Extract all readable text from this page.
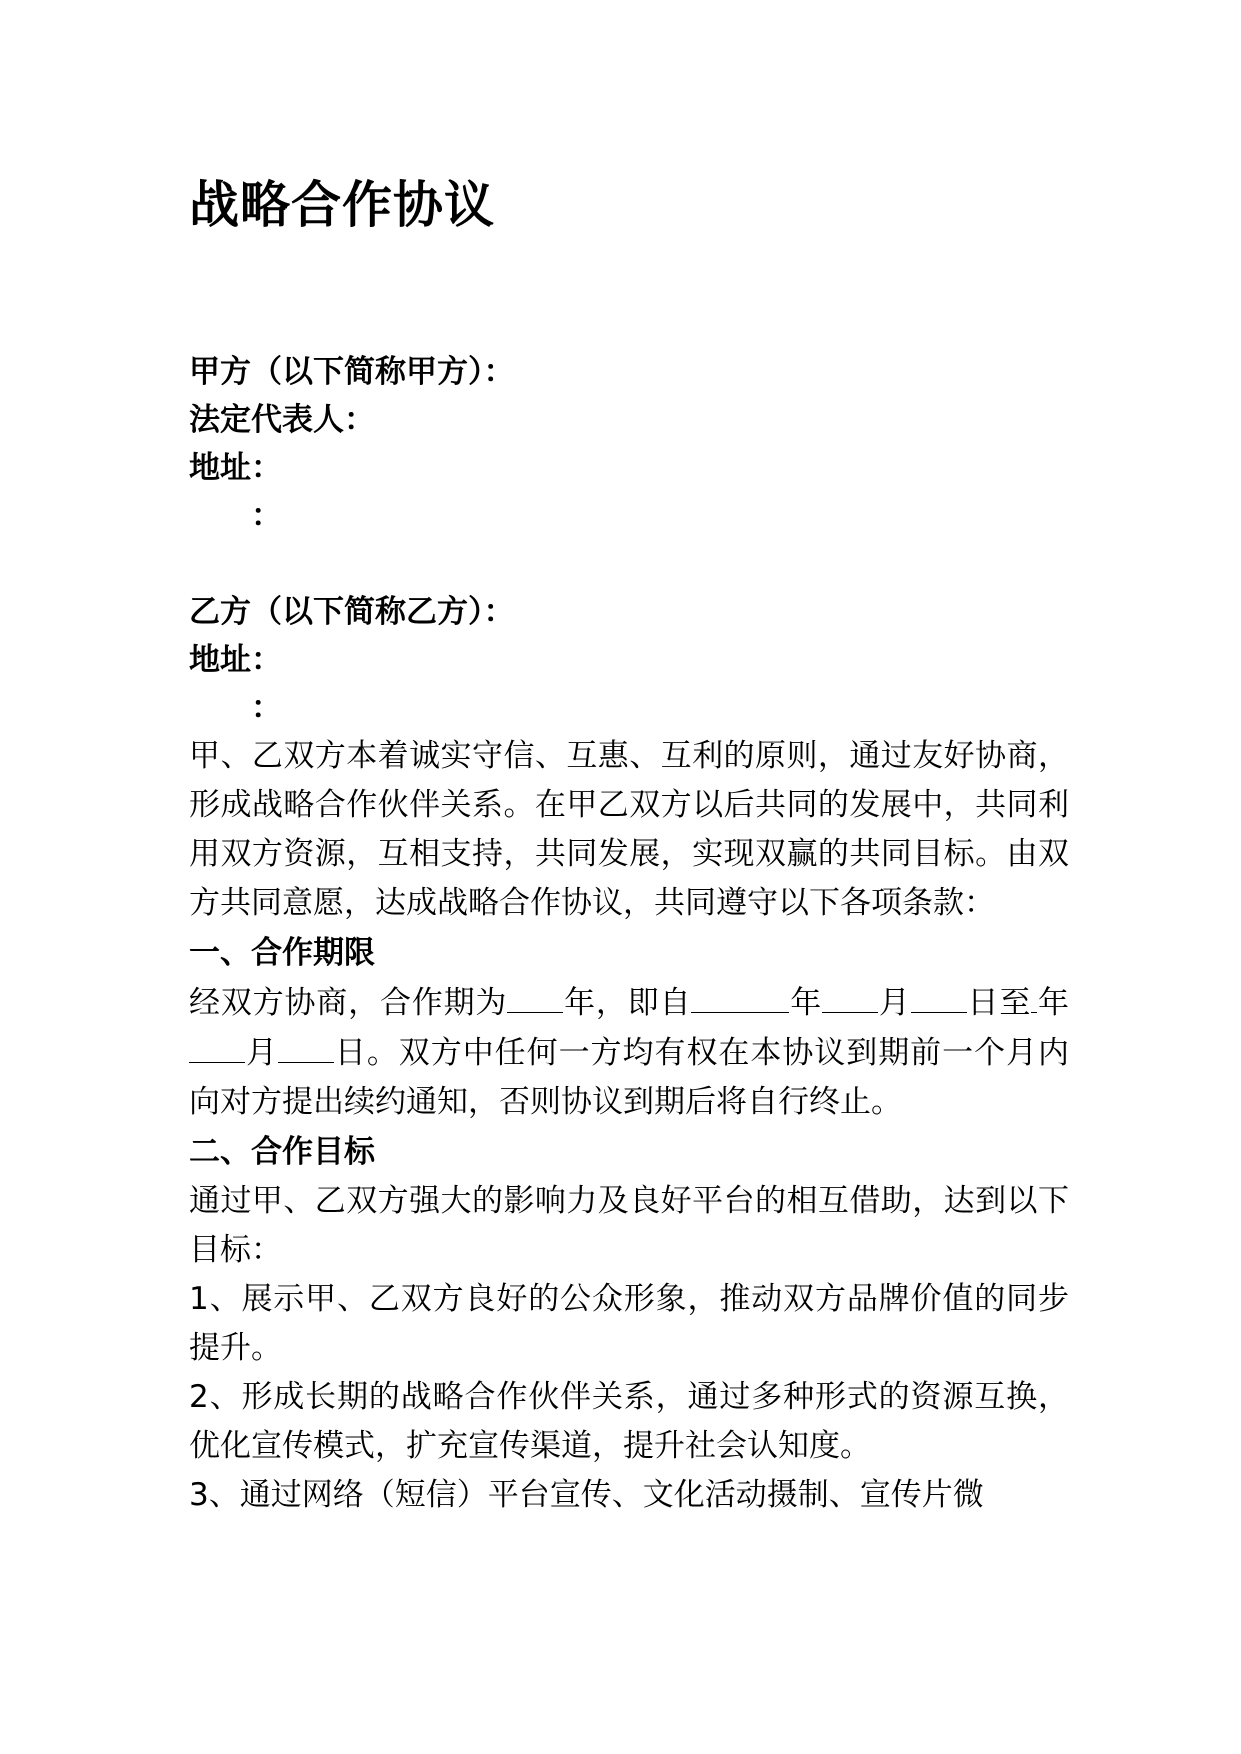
战略合作协议
甲方（以下简称甲方）：
法定代表人：
地址：
：
乙方（以下简称乙方）：
地址：
：

甲、乙双方本着诚实守信、互惠、互利的原则，通过友好协商，形成战略合作伙伴关系。在甲乙双方以后共同的发展中，共同利用双方资源，互相支持，共同发展，实现双赢的共同目标。由双方共同意愿，达成战略合作协议，共同遵守以下各项条款：

一、合作期限

经双方协商，合作期为 年，即自	年 月 日至 年月 日。双方中任何一方均有权在本协议到期前一个月内向对方提出续约通知，否则协议到期后将自行终止。

二、合作目标

通过甲、乙双方强大的影响力及良好平台的相互借助，达到以下目标：

1、展示甲、乙双方良好的公众形象，推动双方品牌价值的同步提升。

2、形成长期的战略合作伙伴关系，通过多种形式的资源互换，优化宣传模式，扩充宣传渠道，提升社会认知度。

3、通过网络（短信）平台宣传、文化活动摄制、宣传片微
